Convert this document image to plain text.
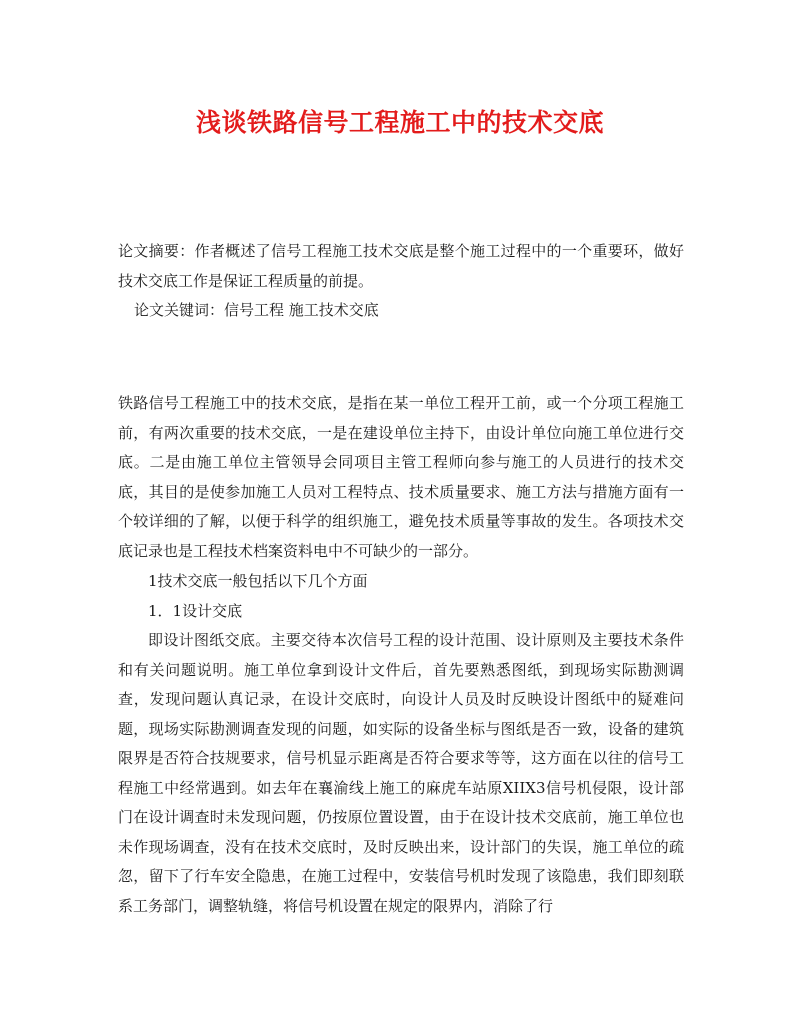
浅谈铁路信号工程施工中的技术交底
论文摘要：作者概述了信号工程施工技术交底是整个施工过程中的一个重要环，做好技术交底工作是保证工程质量的前提。
论文关键词：信号工程 施工技术交底
铁路信号工程施工中的技术交底，是指在某一单位工程开工前，或一个分项工程施工前，有两次重要的技术交底，一是在建设单位主持下，由设计单位向施工单位进行交底。二是由施工单位主管领导会同项目主管工程师向参与施工的人员进行的技术交底，其目的是使参加施工人员对工程特点、技术质量要求、施工方法与措施方面有一个较详细的了解，以便于科学的组织施工，避免技术质量等事故的发生。各项技术交底记录也是工程技术档案资料电中不可缺少的一部分。
1技术交底一般包括以下几个方面
1．1设计交底
即设计图纸交底。主要交待本次信号工程的设计范围、设计原则及主要技术条件和有关问题说明。施工单位拿到设计文件后，首先要熟悉图纸，到现场实际勘测调查，发现问题认真记录，在设计交底时，向设计人员及时反映设计图纸中的疑难问题，现场实际勘测调查发现的问题，如实际的设备坐标与图纸是否一致，设备的建筑限界是否符合技规要求，信号机显示距离是否符合要求等等，这方面在以往的信号工程施工中经常遇到。如去年在襄渝线上施工的麻虎车站原XIIX3信号机侵限，设计部门在设计调查时未发现问题，仍按原位置设置，由于在设计技术交底前，施工单位也未作现场调查，没有在技术交底时，及时反映出来，设计部门的失误，施工单位的疏忽，留下了行车安全隐患，在施工过程中，安装信号机时发现了该隐患，我们即刻联系工务部门，调整轨缝，将信号机设置在规定的限界内，消除了行
